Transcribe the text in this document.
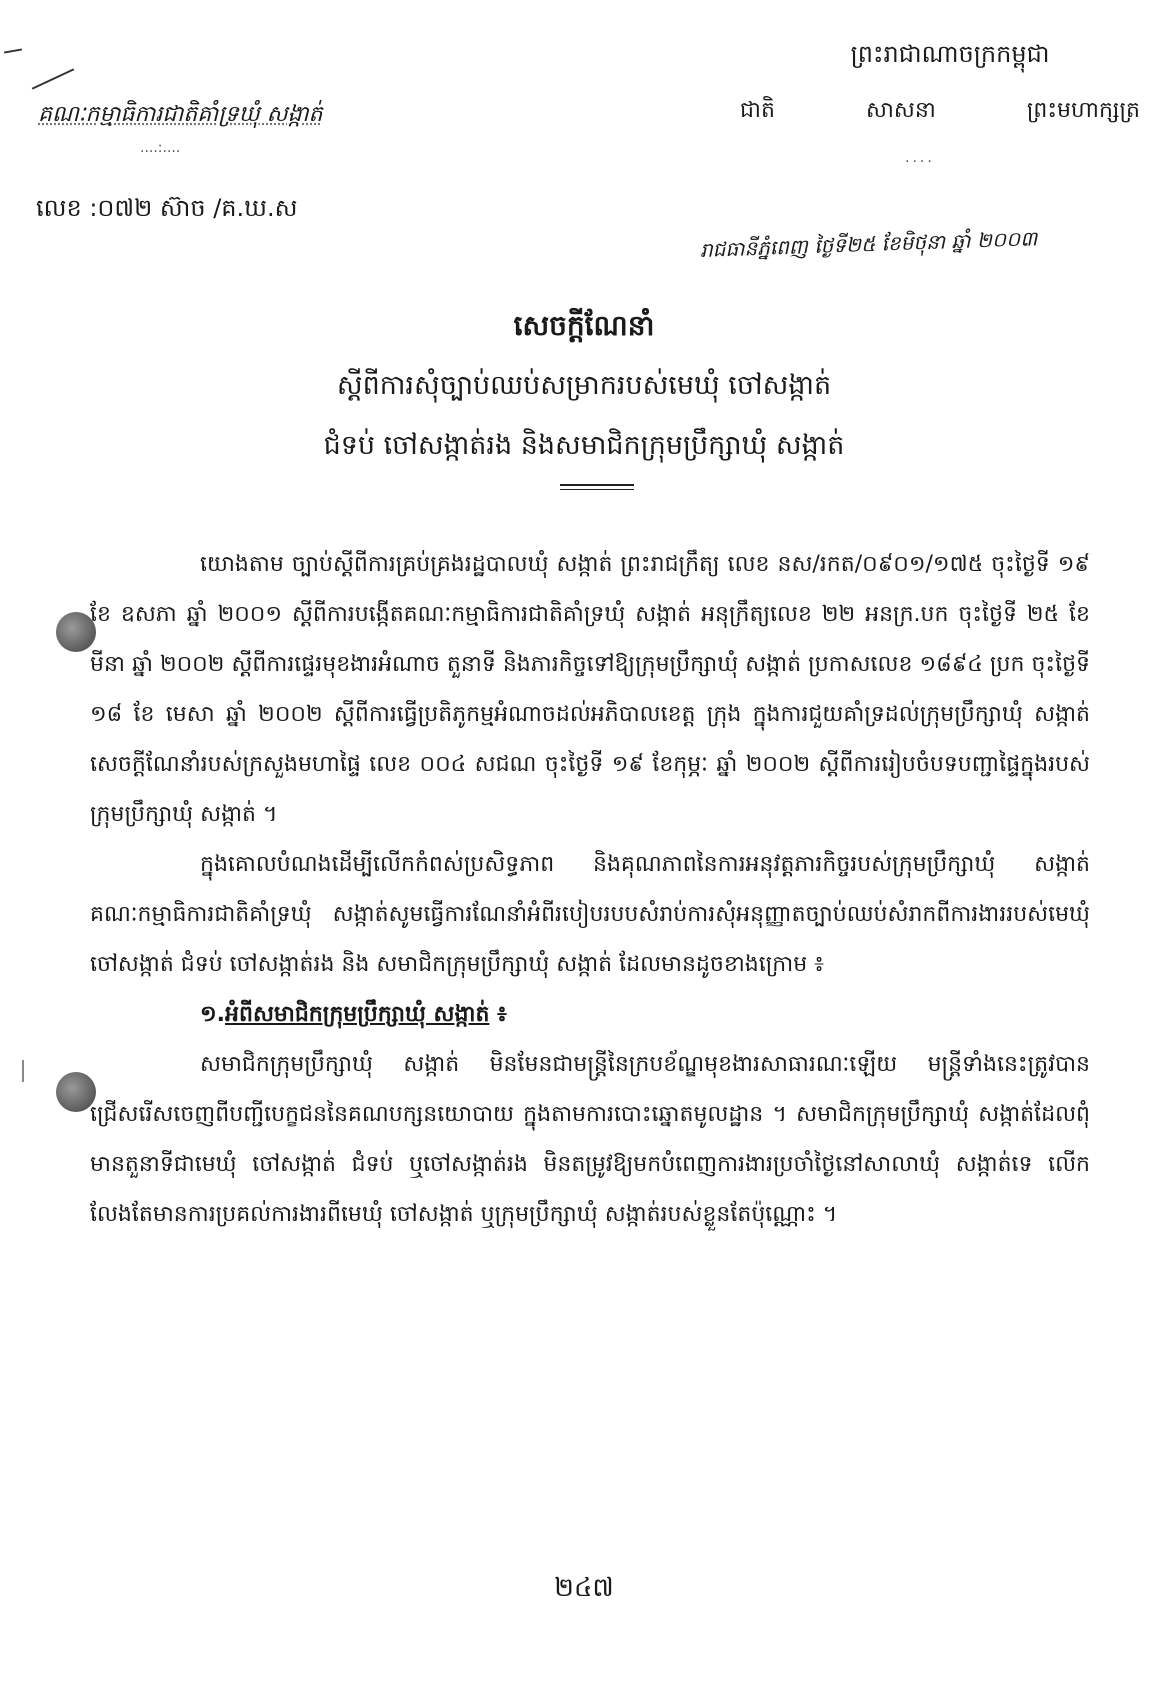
ព្រះរាជាណាចក្រកម្ពុជា
ជាតិ	សាសនា	ព្រះមហាក្សត្រ
....
គណៈកម្មាធិការជាតិគាំទ្រឃុំ សង្កាត់
....:....
លេខ :០៧២ ស៊ាច /គ.ឃ.ស
រាជធានីភ្នំពេញ ថ្ងៃទី២៥ ខែមិថុនា ឆ្នាំ ២០០៣
សេចក្ដីណែនាំ
ស្ដីពីការសុំច្បាប់ឈប់សម្រាករបស់មេឃុំ ចៅសង្កាត់
ជំទប់ ចៅសង្កាត់រង និងសមាជិកក្រុមប្រឹក្សាឃុំ សង្កាត់

យោងតាម ច្បាប់ស្ដីពីការគ្រប់គ្រងរដ្ឋបាលឃុំ សង្កាត់ ព្រះរាជក្រឹត្យ លេខ នស/រកត/០៩០១/១៧៥ ចុះថ្ងៃទី ១៩ ខែ ឧសភា ឆ្នាំ ២០០១ ស្ដីពីការបង្កើតគណៈកម្មាធិការជាតិគាំទ្រឃុំ សង្កាត់ អនុក្រឹត្យលេខ ២២ អនក្រ.បក ចុះថ្ងៃទី ២៥ ខែមីនា ឆ្នាំ ២០០២ ស្ដីពីការផ្ទេរមុខងារអំណាច តួនាទី និងភារកិច្ចទៅឱ្យក្រុមប្រឹក្សាឃុំ សង្កាត់ ប្រកាសលេខ ១៨៩៤ ប្រក ចុះថ្ងៃទី ១៨ ខែ មេសា ឆ្នាំ ២០០២ ស្ដីពីការធ្វើប្រតិភូកម្មអំណាចដល់អភិបាលខេត្ត ក្រុង ក្នុងការជួយគាំទ្រដល់ក្រុមប្រឹក្សាឃុំ សង្កាត់ សេចក្ដីណែនាំរបស់ក្រសួងមហាផ្ទៃ លេខ ០០៤ សជណ ចុះថ្ងៃទី ១៩ ខែកុម្ភៈ ឆ្នាំ ២០០២ ស្ដីពីការរៀបចំបទបញ្ជាផ្ទៃក្នុងរបស់ក្រុមប្រឹក្សាឃុំ សង្កាត់ ។

ក្នុងគោលបំណងដើម្បីលើកកំពស់ប្រសិទ្ធភាព និងគុណភាពនៃការអនុវត្តភារកិច្ចរបស់ក្រុមប្រឹក្សាឃុំ សង្កាត់ គណៈកម្មាធិការជាតិគាំទ្រឃុំ សង្កាត់សូមធ្វើការណែនាំអំពីរបៀបរបបសំរាប់ការសុំអនុញ្ញាតច្បាប់ឈប់សំរាកពីការងាររបស់មេឃុំ ចៅសង្កាត់ ជំទប់ ចៅសង្កាត់រង និង សមាជិកក្រុមប្រឹក្សាឃុំ សង្កាត់ ដែលមានដូចខាងក្រោម ៖

១.អំពីសមាជិកក្រុមប្រឹក្សាឃុំ សង្កាត់ ៖

សមាជិកក្រុមប្រឹក្សាឃុំ សង្កាត់ មិនមែនជាមន្ត្រីនៃក្របខ័ណ្ឌមុខងារសាធារណៈឡើយ មន្ត្រីទាំងនេះត្រូវបានជ្រើសរើសចេញពីបញ្ជីបេក្ខជននៃគណបក្សនយោបាយ ក្នុងតាមការបោះឆ្នោតមូលដ្ឋាន ។ សមាជិកក្រុមប្រឹក្សាឃុំ សង្កាត់ដែលពុំមានតួនាទីជាមេឃុំ ចៅសង្កាត់ ជំទប់ ឬចៅសង្កាត់រង មិនតម្រូវឱ្យមកបំពេញការងារប្រចាំថ្ងៃនៅសាលាឃុំ សង្កាត់ទេ លើកលែងតែមានការប្រគល់ការងារពីមេឃុំ ចៅសង្កាត់ ឬក្រុមប្រឹក្សាឃុំ សង្កាត់របស់ខ្លួនតែប៉ុណ្ណោះ ។

២៤៧
